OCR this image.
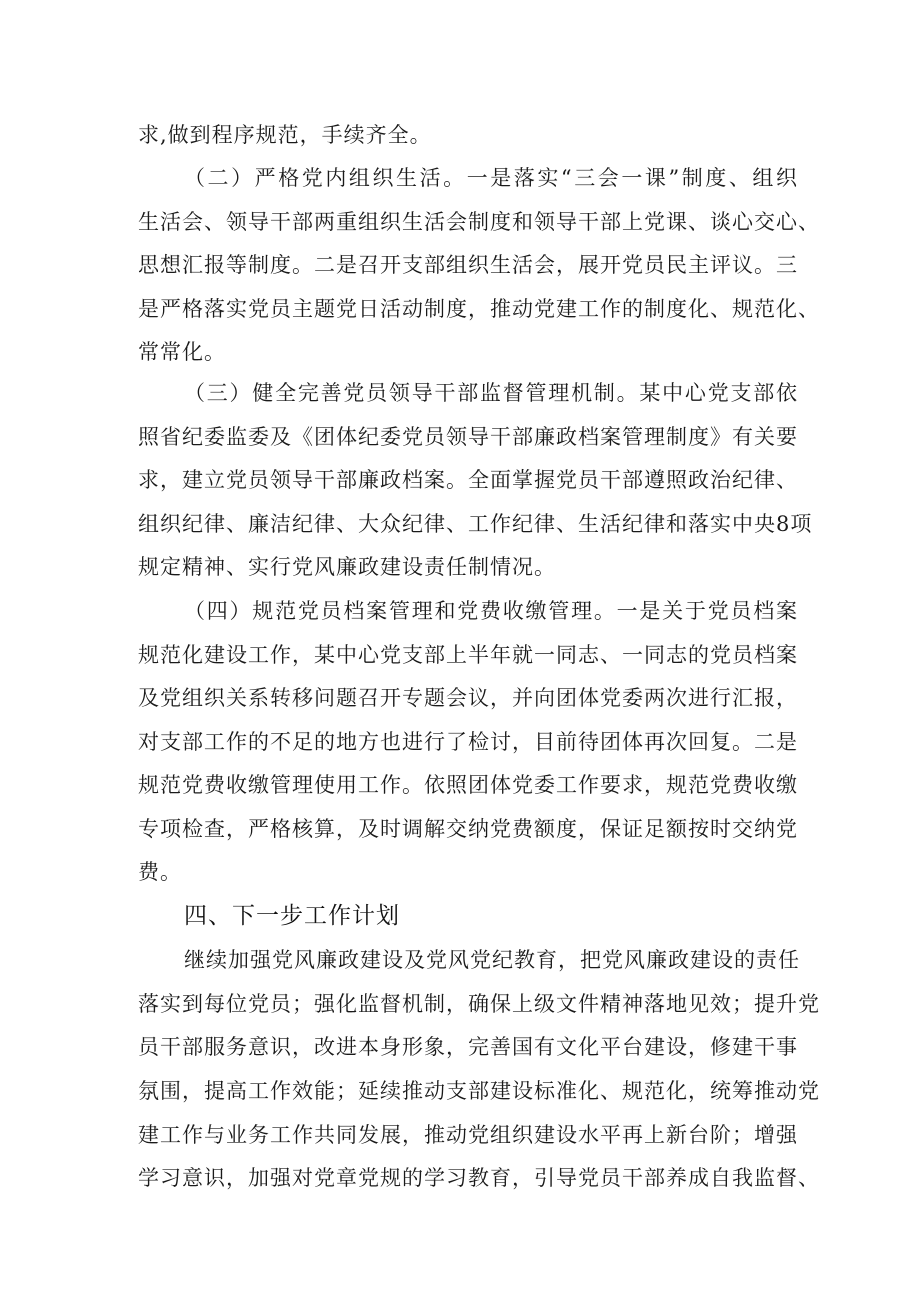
求,做到程序规范，手续齐全。
（二）严格党内组织生活。一是落实“三会一课”制度、组织
生活会、领导干部两重组织生活会制度和领导干部上党课、谈心交心、
思想汇报等制度。二是召开支部组织生活会，展开党员民主评议。三
是严格落实党员主题党日活动制度，推动党建工作的制度化、规范化、
常常化。
（三）健全完善党员领导干部监督管理机制。某中心党支部依
照省纪委监委及《团体纪委党员领导干部廉政档案管理制度》有关要
求，建立党员领导干部廉政档案。全面掌握党员干部遵照政治纪律、
组织纪律、廉洁纪律、大众纪律、工作纪律、生活纪律和落实中央8项
规定精神、实行党风廉政建设责任制情况。
（四）规范党员档案管理和党费收缴管理。一是关于党员档案
规范化建设工作，某中心党支部上半年就一同志、一同志的党员档案
及党组织关系转移问题召开专题会议，并向团体党委两次进行汇报，
对支部工作的不足的地方也进行了检讨，目前待团体再次回复。二是
规范党费收缴管理使用工作。依照团体党委工作要求，规范党费收缴
专项检查，严格核算，及时调解交纳党费额度，保证足额按时交纳党
费。
四、下一步工作计划
继续加强党风廉政建设及党风党纪教育，把党风廉政建设的责任
落实到每位党员；强化监督机制，确保上级文件精神落地见效；提升党
员干部服务意识，改进本身形象，完善国有文化平台建设，修建干事
氛围，提高工作效能；延续推动支部建设标准化、规范化，统筹推动党
建工作与业务工作共同发展，推动党组织建设水平再上新台阶；增强
学习意识，加强对党章党规的学习教育，引导党员干部养成自我监督、
